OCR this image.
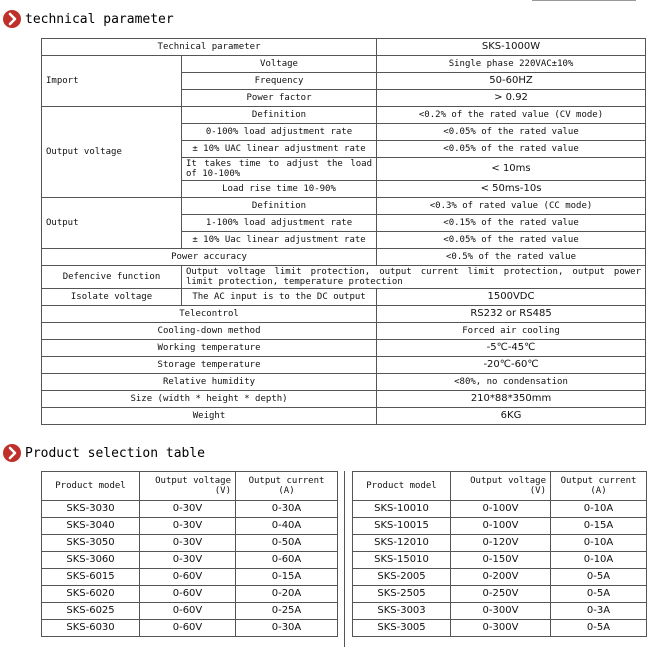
technical parameter
Technical parameter		SKS-1000W
Import	Voltage	Single phase 220VAC±10%
	Frequency	50-60HZ
	Power factor	> 0.92
Output voltage	Definition	<0.2% of the rated value (CV mode)
	0-100% load adjustment rate	<0.05% of the rated value
	± 10% UAC linear adjustment rate	<0.05% of the rated value
	It takes time to adjust the load of 10-100%	< 10ms
	Load rise time 10-90%	< 50ms-10s
Output	Definition	<0.3% of rated value (CC mode)
	1-100% load adjustment rate	<0.15% of the rated value
	± 10% Uac linear adjustment rate	<0.05% of the rated value
Power accuracy		<0.5% of the rated value
Defencive function	Output voltage limit protection, output current limit protection, output power limit protection, temperature protection	
Isolate voltage	The AC input is to the DC output	1500VDC
Telecontrol		RS232 or RS485
Cooling-down method		Forced air cooling
Working temperature		-5℃-45℃
Storage temperature		-20℃-60℃
Relative humidity		<80%, no condensation
Size (width * height * depth)		210*88*350mm
Weight		6KG
Product selection table
Product model	Output voltage (V)	Output current (A)
SKS-3030	0-30V	0-30A
SKS-3040	0-30V	0-40A
SKS-3050	0-30V	0-50A
SKS-3060	0-30V	0-60A
SKS-6015	0-60V	0-15A
SKS-6020	0-60V	0-20A
SKS-6025	0-60V	0-25A
SKS-6030	0-60V	0-30A
Product model	Output voltage (V)	Output current (A)
SKS-10010	0-100V	0-10A
SKS-10015	0-100V	0-15A
SKS-12010	0-120V	0-10A
SKS-15010	0-150V	0-10A
SKS-2005	0-200V	0-5A
SKS-2505	0-250V	0-5A
SKS-3003	0-300V	0-3A
SKS-3005	0-300V	0-5A
